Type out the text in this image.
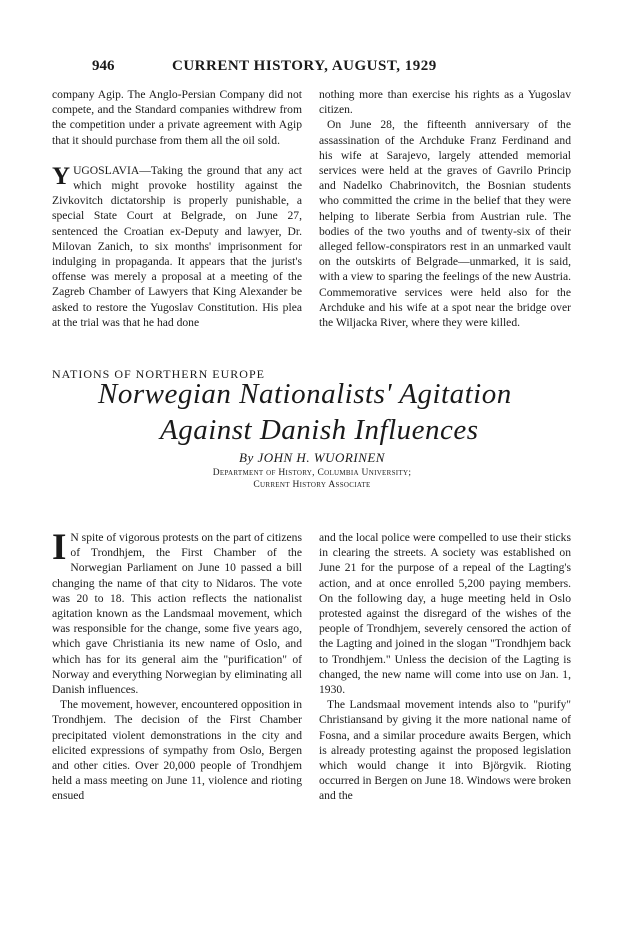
946	CURRENT HISTORY, AUGUST, 1929

company Agip. The Anglo-Persian Company did not compete, and the Standard companies withdrew from the competition under a private agreement with Agip that it should purchase from them all the oil sold.

YUGOSLAVIA—Taking the ground that any act which might provoke hostility against the Zivkovitch dictatorship is properly punishable, a special State Court at Belgrade, on June 27, sentenced the Croatian ex-Deputy and lawyer, Dr. Milovan Zanich, to six months' imprisonment for indulging in propaganda. It appears that the jurist's offense was merely a proposal at a meeting of the Zagreb Chamber of Lawyers that King Alexander be asked to restore the Yugoslav Constitution. His plea at the trial was that he had done

nothing more than exercise his rights as a Yugoslav citizen.

On June 28, the fifteenth anniversary of the assassination of the Archduke Franz Ferdinand and his wife at Sarajevo, largely attended memorial services were held at the graves of Gavrilo Princip and Nadelko Chabrinovitch, the Bosnian students who committed the crime in the belief that they were helping to liberate Serbia from Austrian rule. The bodies of the two youths and of twenty-six of their alleged fellow-conspirators rest in an unmarked vault on the outskirts of Belgrade—unmarked, it is said, with a view to sparing the feelings of the new Austria. Commemorative services were held also for the Archduke and his wife at a spot near the bridge over the Wiljacka River, where they were killed.

NATIONS OF NORTHERN EUROPE
Norwegian Nationalists' Agitation
Against Danish Influences
By JOHN H. WUORINEN
Department of History, Columbia University;
Current History Associate

I N spite of vigorous protests on the part of citizens of Trondhjem, the First Chamber of the Norwegian Parliament on June 10 passed a bill changing the name of that city to Nidaros. The vote was 20 to 18. This action reflects the nationalist agitation known as the Landsmaal movement, which was responsible for the change, some five years ago, which gave Christiania its new name of Oslo, and which has for its general aim the "purification" of Norway and everything Norwegian by eliminating all Danish influences.

The movement, however, encountered opposition in Trondhjem. The decision of the First Chamber precipitated violent demonstrations in the city and elicited expressions of sympathy from Oslo, Bergen and other cities. Over 20,000 people of Trondhjem held a mass meeting on June 11, violence and rioting ensued

and the local police were compelled to use their sticks in clearing the streets. A society was established on June 21 for the purpose of a repeal of the Lagting's action, and at once enrolled 5,200 paying members. On the following day, a huge meeting held in Oslo protested against the disregard of the wishes of the people of Trondhjem, severely censored the action of the Lagting and joined in the slogan "Trondhjem back to Trondhjem." Unless the decision of the Lagting is changed, the new name will come into use on Jan. 1, 1930.

The Landsmaal movement intends also to "purify" Christiansand by giving it the more national name of Fosna, and a similar procedure awaits Bergen, which is already protesting against the proposed legislation which would change it into Björgvik. Rioting occurred in Bergen on June 18. Windows were broken and the
